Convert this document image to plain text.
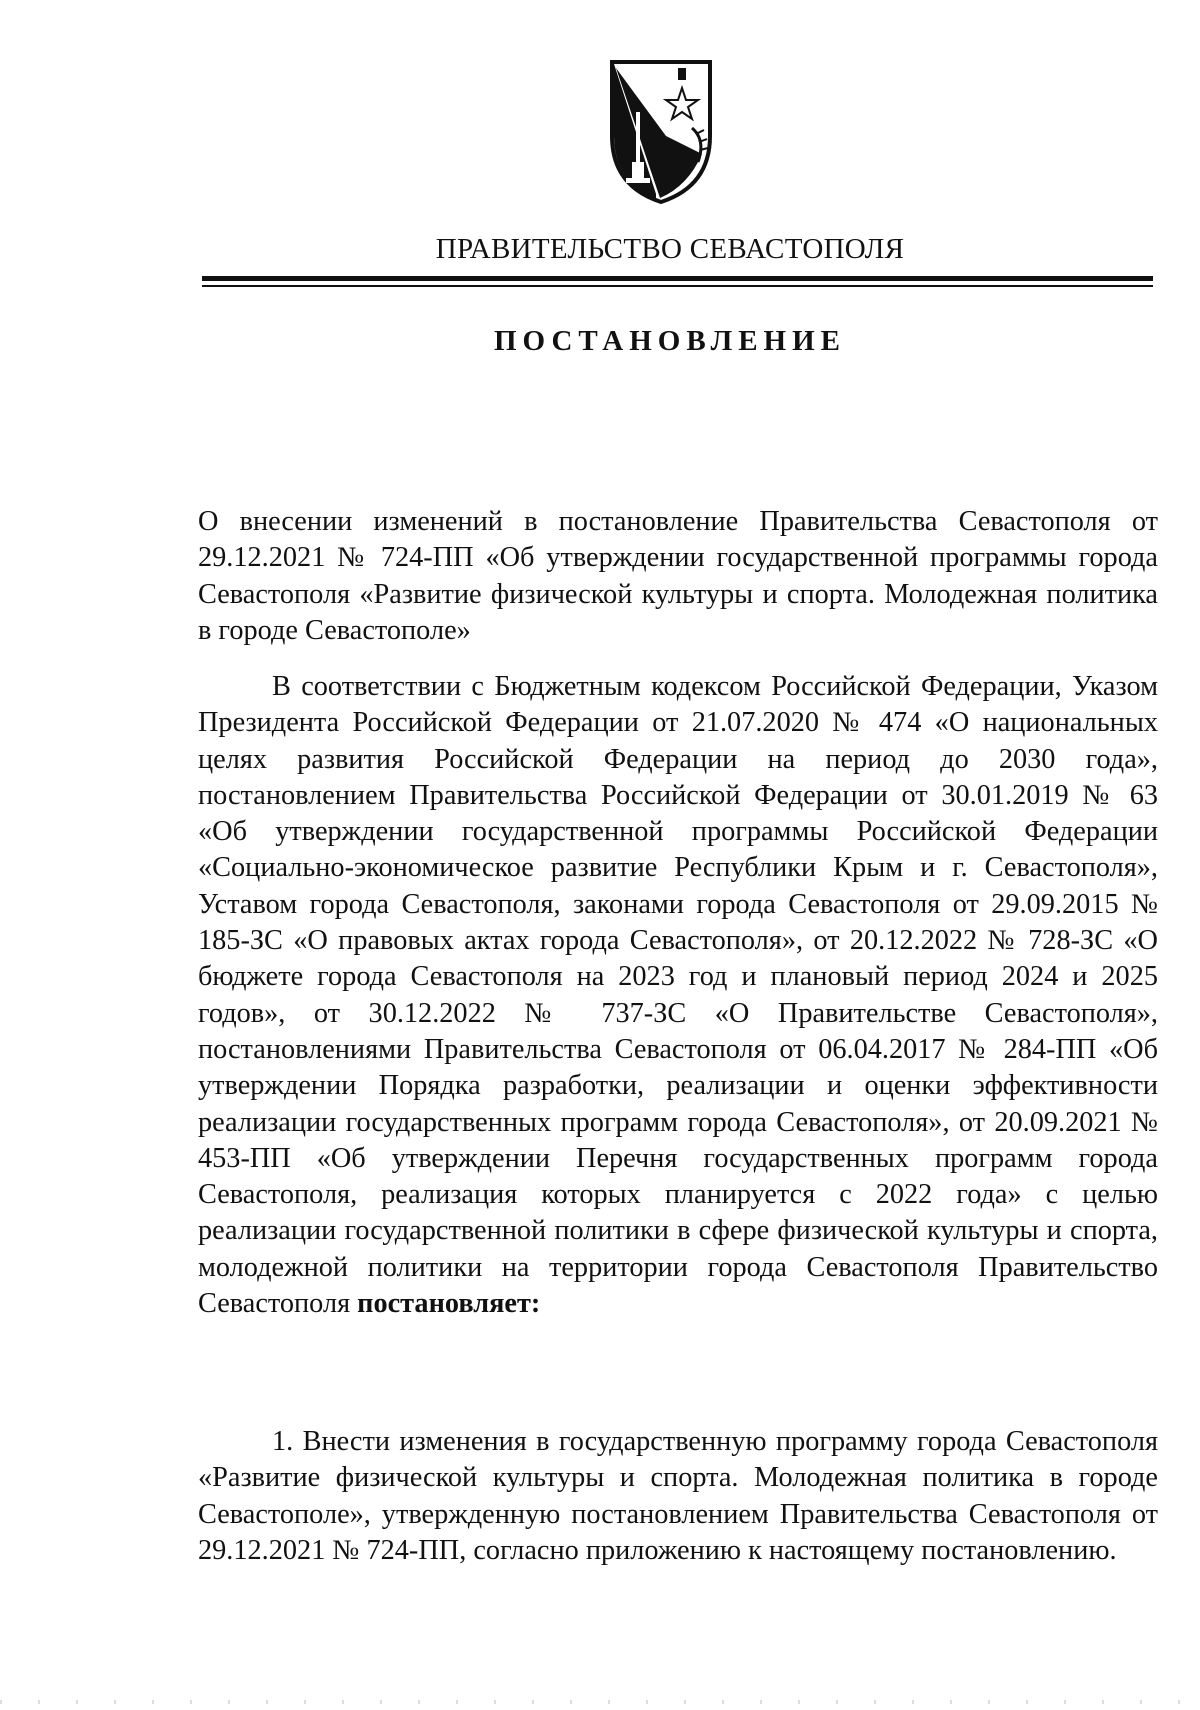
ПРАВИТЕЛЬСТВО СЕВАСТОПОЛЯ
ПОСТАНОВЛЕНИЕ

О внесении изменений в постановление Правительства Севастополя от 29.12.2021 № 724-ПП «Об утверждении государственной программы города Севастополя «Развитие физической культуры и спорта. Молодежная политика в городе Севастополе»

В соответствии с Бюджетным кодексом Российской Федерации, Указом Президента Российской Федерации от 21.07.2020 № 474 «О национальных целях развития Российской Федерации на период до 2030 года», постановлением Правительства Российской Федерации от 30.01.2019 № 63 «Об утверждении государственной программы Российской Федерации «Социально-экономическое развитие Республики Крым и г. Севастополя», Уставом города Севастополя, законами города Севастополя от 29.09.2015 № 185-ЗС «О правовых актах города Севастополя», от 20.12.2022 № 728-ЗС «О бюджете города Севастополя на 2023 год и плановый период 2024 и 2025 годов», от 30.12.2022 № 737-ЗС «О Правительстве Севастополя», постановлениями Правительства Севастополя от 06.04.2017 № 284-ПП «Об утверждении Порядка разработки, реализации и оценки эффективности реализации государственных программ города Севастополя», от 20.09.2021 № 453-ПП «Об утверждении Перечня государственных программ города Севастополя, реализация которых планируется с 2022 года» с целью реализации государственной политики в сфере физической культуры и спорта, молодежной политики на территории города Севастополя Правительство Севастополя постановляет:

1. Внести изменения в государственную программу города Севастополя «Развитие физической культуры и спорта. Молодежная политика в городе Севастополе», утвержденную постановлением Правительства Севастополя от 29.12.2021 № 724-ПП, согласно приложению к настоящему постановлению.
